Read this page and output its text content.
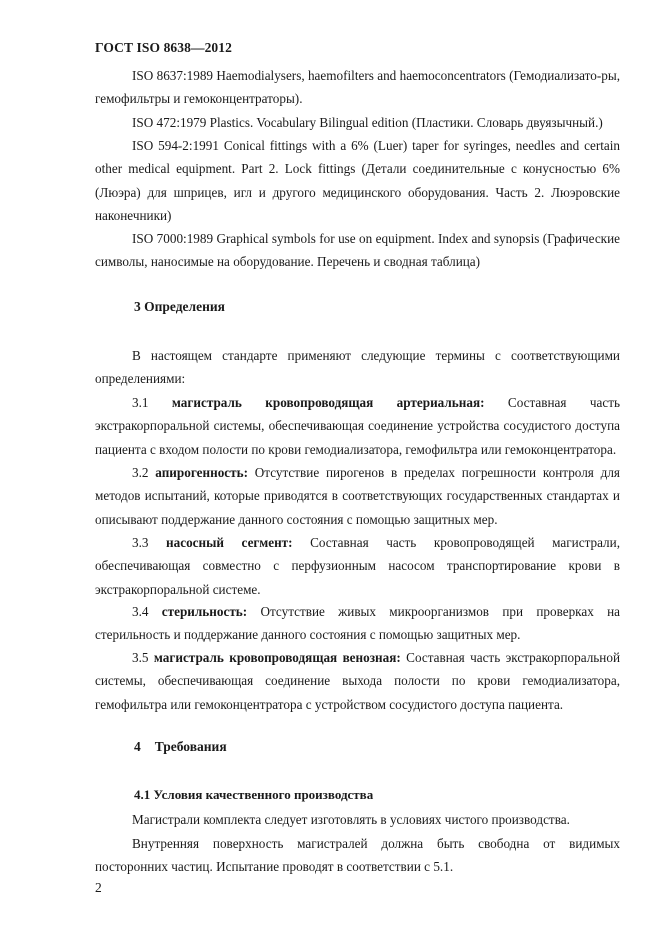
ГОСТ ISO 8638—2012

ISO 8637:1989 Haemodialysers, haemofilters and haemoconcentrators (Гемодиализато-ры, гемофильтры и гемоконцентраторы).

ISO 472:1979 Plastics. Vocabulary Bilingual edition (Пластики. Словарь двуязычный.)

ISO 594-2:1991 Conical fittings with a 6% (Luer) taper for syringes, needles and certain other medical equipment. Part 2. Lock fittings (Детали соединительные с конусностью 6% (Люэра) для шприцев, игл и другого медицинского оборудования. Часть 2. Люэровские наконечники)

ISO 7000:1989 Graphical symbols for use on equipment. Index and synopsis (Графические символы, наносимые на оборудование. Перечень и сводная таблица)

3 Определения

В настоящем стандарте применяют следующие термины с соответствующими определениями:

3.1 магистраль кровопроводящая артериальная: Составная часть экстракорпоральной системы, обеспечивающая соединение устройства сосудистого доступа пациента с входом полости по крови гемодиализатора, гемофильтра или гемоконцентратора.

3.2 апирогенность: Отсутствие пирогенов в пределах погрешности контроля для методов испытаний, которые приводятся в соответствующих государственных стандартах и описывают поддержание данного состояния с помощью защитных мер.

3.3 насосный сегмент: Составная часть кровопроводящей магистрали, обеспечивающая совместно с перфузионным насосом транспортирование крови в экстракорпоральной системе.

3.4 стерильность: Отсутствие живых микроорганизмов при проверках на стерильность и поддержание данного состояния с помощью защитных мер.

3.5 магистраль кровопроводящая венозная: Составная часть экстракорпоральной системы, обеспечивающая соединение выхода полости по крови гемодиализатора, гемофильтра или гемоконцентратора с устройством сосудистого доступа пациента.

4 Требования
4.1 Условия качественного производства

Магистрали комплекта следует изготовлять в условиях чистого производства.

Внутренняя поверхность магистралей должна быть свободна от видимых посторонних частиц. Испытание проводят в соответствии с 5.1.

2
